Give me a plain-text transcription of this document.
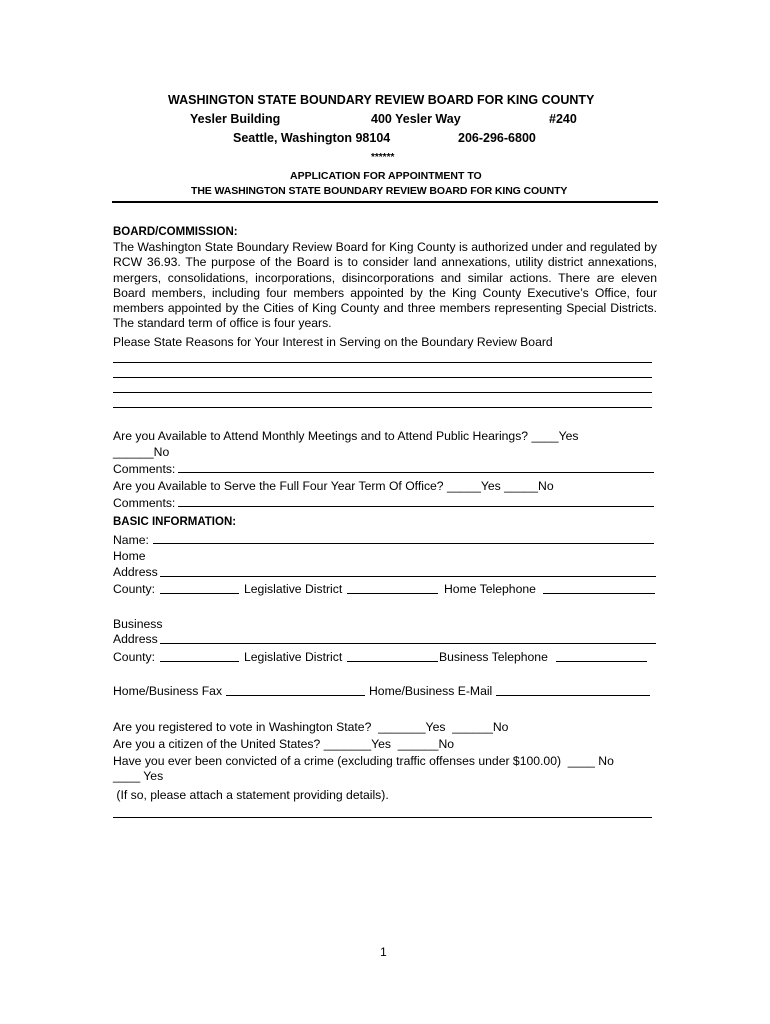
WASHINGTON STATE BOUNDARY REVIEW BOARD FOR KING COUNTY
Yesler Building	400 Yesler Way	#240
Seattle, Washington 98104	206-296-6800
******
APPLICATION FOR APPOINTMENT TO
THE WASHINGTON STATE BOUNDARY REVIEW BOARD FOR KING COUNTY
BOARD/COMMISSION:
The Washington State Boundary Review Board for King County is authorized under and regulated by RCW 36.93. The purpose of the Board is to consider land annexations, utility district annexations, mergers, consolidations, incorporations, disincorporations and similar actions. There are eleven Board members, including four members appointed by the King County Executive’s Office, four members appointed by the Cities of King County and three members representing Special Districts. The standard term of office is four years.
Please State Reasons for Your Interest in Serving on the Boundary Review Board
Are you Available to Attend Monthly Meetings and to Attend Public Hearings? ____Yes
______No
Comments:
Are you Available to Serve the Full Four Year Term Of Office? _____Yes _____No
Comments:
BASIC INFORMATION:
Name:
Home
Address
County:	Legislative District	Home Telephone
Business
Address
County:	Legislative District	Business Telephone
Home/Business Fax	Home/Business E-Mail
Are you registered to vote in Washington State?  _______Yes  ______No
Are you a citizen of the United States? _______Yes  ______No
Have you ever been convicted of a crime (excluding traffic offenses under $100.00)  ____ No
____ Yes
(If so, please attach a statement providing details).
1
